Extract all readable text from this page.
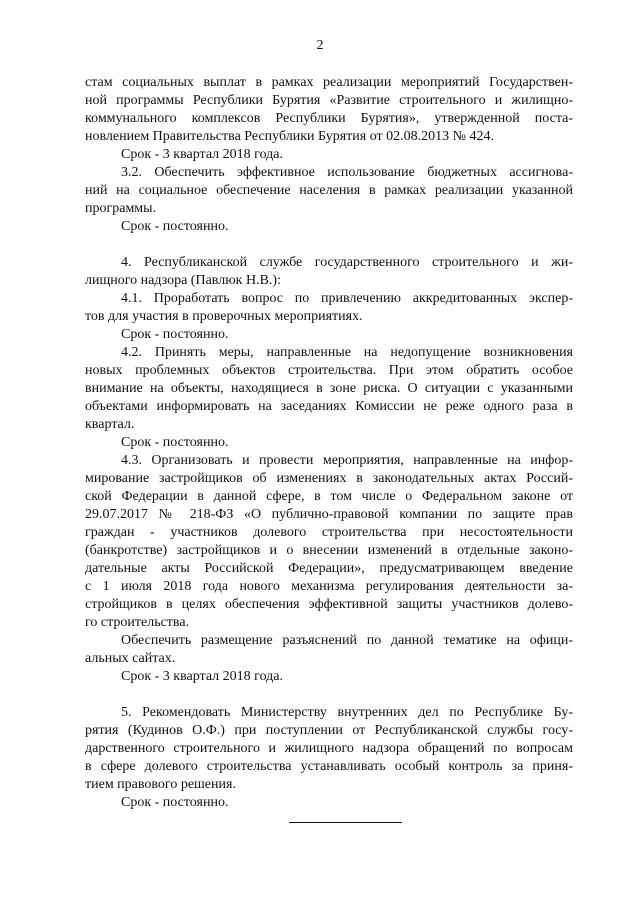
2
стам социальных выплат в рамках реализации мероприятий Государствен-
ной программы Республики Бурятия «Развитие строительного и жилищно-
коммунального комплексов Республики Бурятия», утвержденной поста-
новлением Правительства Республики Бурятия от 02.08.2013 № 424.
Срок - 3 квартал 2018 года.
3.2. Обеспечить эффективное использование бюджетных ассигнова-
ний на социальное обеспечение населения в рамках реализации указанной
программы.
Срок - постоянно.
4. Республиканской службе государственного строительного и жи-
лищного надзора (Павлюк Н.В.):
4.1. Проработать вопрос по привлечению аккредитованных экспер-
тов для участия в проверочных мероприятиях.
Срок - постоянно.
4.2. Принять меры, направленные на недопущение возникновения
новых проблемных объектов строительства. При этом обратить особое
внимание на объекты, находящиеся в зоне риска. О ситуации с указанными
объектами информировать на заседаниях Комиссии не реже одного раза в
квартал.
Срок - постоянно.
4.3. Организовать и провести мероприятия, направленные на инфор-
мирование застройщиков об изменениях в законодательных актах Россий-
ской Федерации в данной сфере, в том числе о Федеральном законе от
29.07.2017 № 218-ФЗ «О публично-правовой компании по защите прав
граждан - участников долевого строительства при несостоятельности
(банкротстве) застройщиков и о внесении изменений в отдельные законо-
дательные акты Российской Федерации», предусматривающем введение
с 1 июля 2018 года нового механизма регулирования деятельности за-
стройщиков в целях обеспечения эффективной защиты участников долево-
го строительства.
Обеспечить размещение разъяснений по данной тематике на офици-
альных сайтах.
Срок - 3 квартал 2018 года.
5. Рекомендовать Министерству внутренних дел по Республике Бу-
рятия (Кудинов О.Ф.) при поступлении от Республиканской службы госу-
дарственного строительного и жилищного надзора обращений по вопросам
в сфере долевого строительства устанавливать особый контроль за приня-
тием правового решения.
Срок - постоянно.
